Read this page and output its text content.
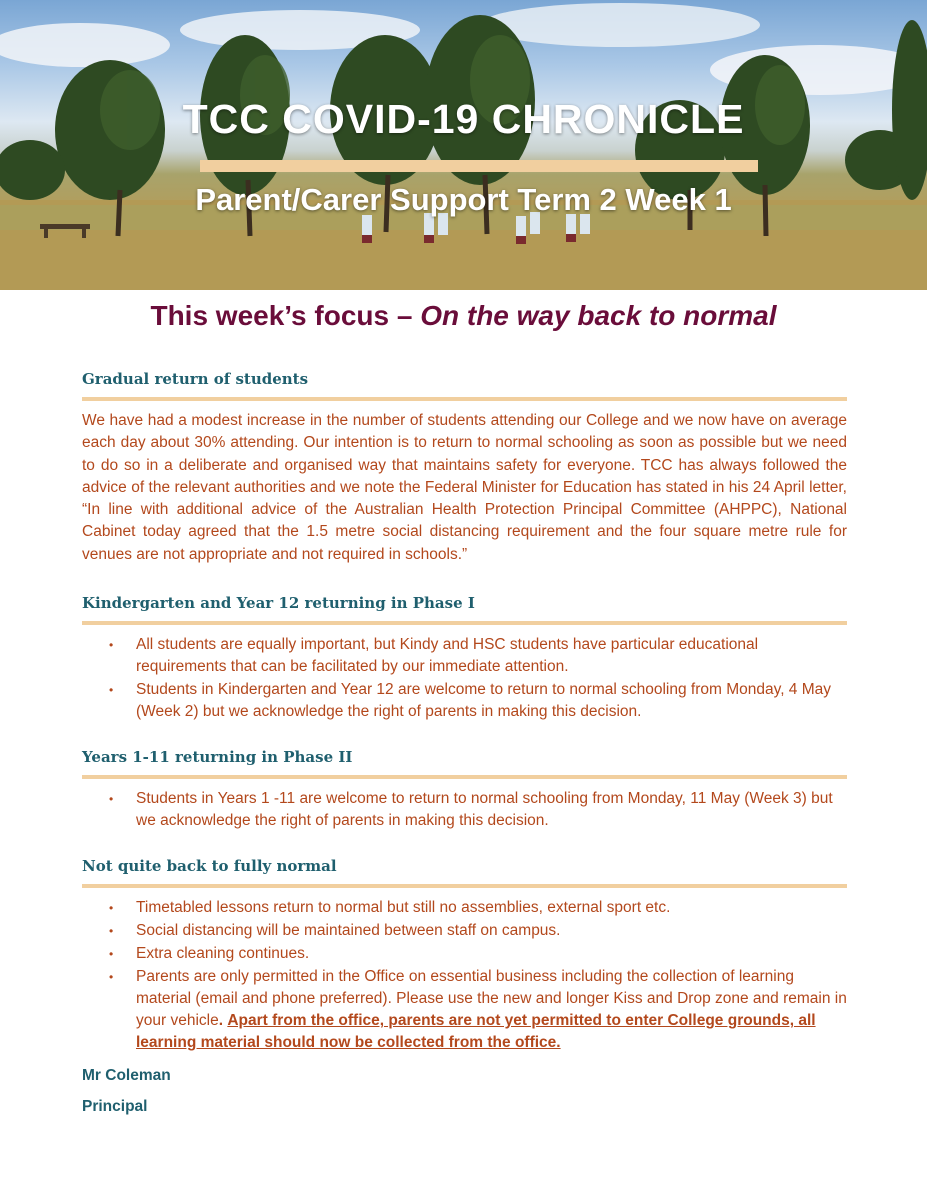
TCC COVID-19 CHRONICLE
Parent/Carer Support Term 2 Week 1
This week’s focus – On the way back to normal

Gradual return of students

We have had a modest increase in the number of students attending our College and we now have on average each day about 30% attending. Our intention is to return to normal schooling as soon as possible but we need to do so in a deliberate and organised way that maintains safety for everyone. TCC has always followed the advice of the relevant authorities and we note the Federal Minister for Education has stated in his 24 April letter, “In line with additional advice of the Australian Health Protection Principal Committee (AHPPC), National Cabinet today agreed that the 1.5 metre social distancing requirement and the four square metre rule for venues are not appropriate and not required in schools.”

Kindergarten and Year 12 returning in Phase I

• All students are equally important, but Kindy and HSC students have particular educational requirements that can be facilitated by our immediate attention.
• Students in Kindergarten and Year 12 are welcome to return to normal schooling from Monday, 4 May (Week 2) but we acknowledge the right of parents in making this decision.

Years 1-11 returning in Phase II

• Students in Years 1 -11 are welcome to return to normal schooling from Monday, 11 May (Week 3) but we acknowledge the right of parents in making this decision.

Not quite back to fully normal

• Timetabled lessons return to normal but still no assemblies, external sport etc.
• Social distancing will be maintained between staff on campus.
• Extra cleaning continues.
• Parents are only permitted in the Office on essential business including the collection of learning material (email and phone preferred). Please use the new and longer Kiss and Drop zone and remain in your vehicle. Apart from the office, parents are not yet permitted to enter College grounds, all learning material should now be collected from the office.

Mr Coleman

Principal
